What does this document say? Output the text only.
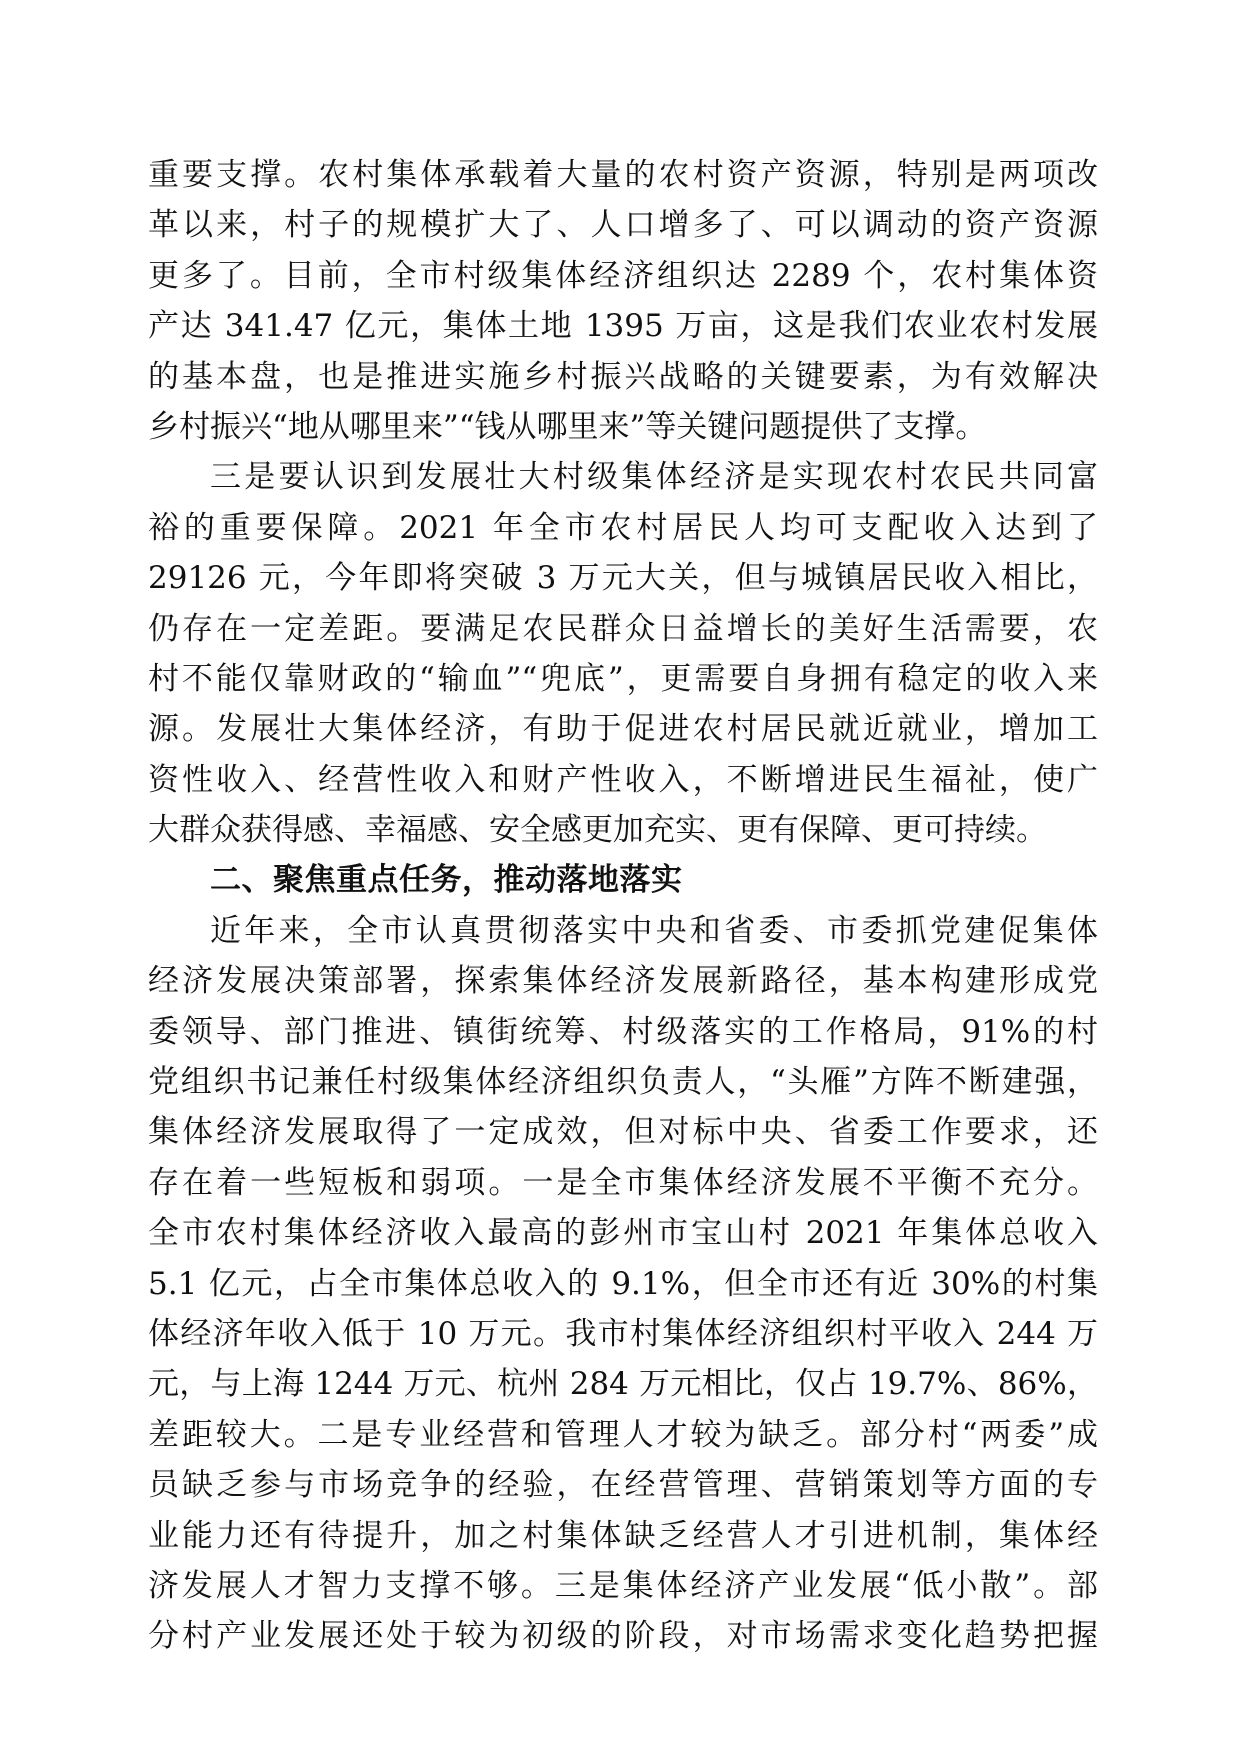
重要支撑。农村集体承载着大量的农村资产资源，特别是两项改
革以来，村子的规模扩大了、人口增多了、可以调动的资产资源
更多了。目前，全市村级集体经济组织达 2289 个，农村集体资
产达 341.47 亿元，集体土地 1395 万亩，这是我们农业农村发展
的基本盘，也是推进实施乡村振兴战略的关键要素，为有效解决
乡村振兴“地从哪里来”“钱从哪里来”等关键问题提供了支撑。
三是要认识到发展壮大村级集体经济是实现农村农民共同富
裕的重要保障。2021 年全市农村居民人均可支配收入达到了
29126 元，今年即将突破 3 万元大关，但与城镇居民收入相比，
仍存在一定差距。要满足农民群众日益增长的美好生活需要，农
村不能仅靠财政的“输血”“兜底”，更需要自身拥有稳定的收入来
源。发展壮大集体经济，有助于促进农村居民就近就业，增加工
资性收入、经营性收入和财产性收入，不断增进民生福祉，使广
大群众获得感、幸福感、安全感更加充实、更有保障、更可持续。
二、聚焦重点任务，推动落地落实
近年来，全市认真贯彻落实中央和省委、市委抓党建促集体
经济发展决策部署，探索集体经济发展新路径，基本构建形成党
委领导、部门推进、镇街统筹、村级落实的工作格局，91%的村
党组织书记兼任村级集体经济组织负责人，“头雁”方阵不断建强，
集体经济发展取得了一定成效，但对标中央、省委工作要求，还
存在着一些短板和弱项。一是全市集体经济发展不平衡不充分。
全市农村集体经济收入最高的彭州市宝山村 2021 年集体总收入
5.1 亿元，占全市集体总收入的 9.1%，但全市还有近 30%的村集
体经济年收入低于 10 万元。我市村集体经济组织村平收入 244 万
元，与上海 1244 万元、杭州 284 万元相比，仅占 19.7%、86%，
差距较大。二是专业经营和管理人才较为缺乏。部分村“两委”成
员缺乏参与市场竞争的经验，在经营管理、营销策划等方面的专
业能力还有待提升，加之村集体缺乏经营人才引进机制，集体经
济发展人才智力支撑不够。三是集体经济产业发展“低小散”。部
分村产业发展还处于较为初级的阶段，对市场需求变化趋势把握
